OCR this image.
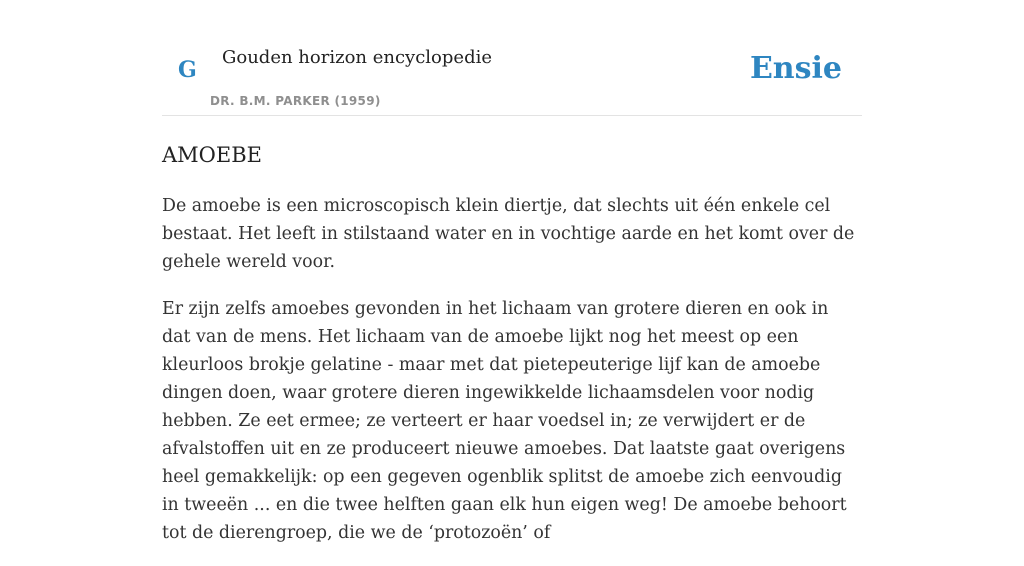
G Gouden horizon encyclopedie
DR. B.M. PARKER (1959)
Ensie
AMOEBE

De amoebe is een microscopisch klein diertje, dat slechts uit één enkele cel bestaat. Het leeft in stilstaand water en in vochtige aarde en het komt over de gehele wereld voor.

Er zijn zelfs amoebes gevonden in het lichaam van grotere dieren en ook in dat van de mens. Het lichaam van de amoebe lijkt nog het meest op een kleurloos brokje gelatine - maar met dat pietepeuterige lijf kan de amoebe dingen doen, waar grotere dieren ingewikkelde lichaamsdelen voor nodig hebben. Ze eet ermee; ze verteert er haar voedsel in; ze verwijdert er de afvalstoffen uit en ze produceert nieuwe amoebes. Dat laatste gaat overigens heel gemakkelijk: op een gegeven ogenblik splitst de amoebe zich eenvoudig in tweeën ... en die twee helften gaan elk hun eigen weg! De amoebe behoort tot de dierengroep, die we de ‘protozoën’ of
